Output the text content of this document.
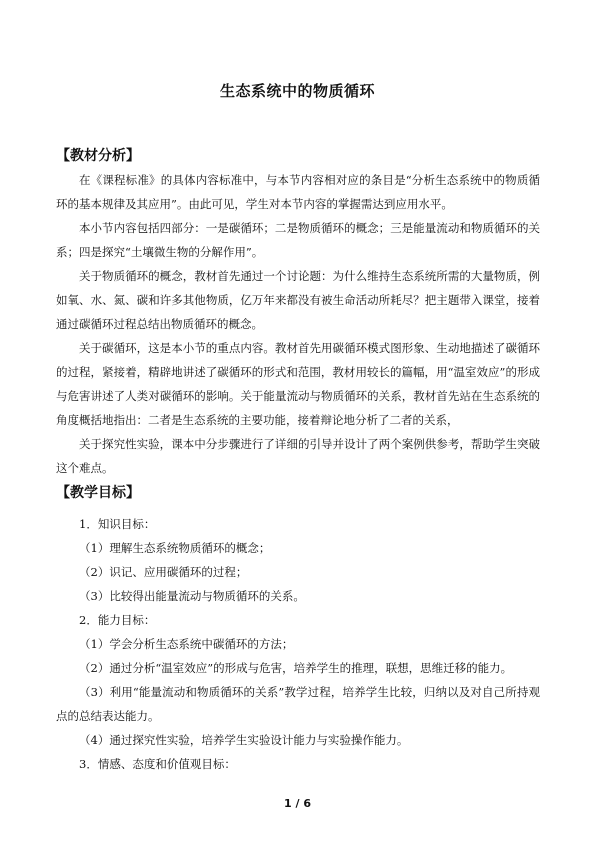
生态系统中的物质循环
【教材分析】

在《课程标准》的具体内容标准中，与本节内容相对应的条目是“分析生态系统中的物质循环的基本规律及其应用”。由此可见，学生对本节内容的掌握需达到应用水平。

本小节内容包括四部分：一是碳循环；二是物质循环的概念；三是能量流动和物质循环的关系；四是探究“土壤微生物的分解作用”。

关于物质循环的概念，教材首先通过一个讨论题：为什么维持生态系统所需的大量物质，例如氧、水、氮、碳和许多其他物质，亿万年来都没有被生命活动所耗尽？把主题带入课堂，接着通过碳循环过程总结出物质循环的概念。

关于碳循环，这是本小节的重点内容。教材首先用碳循环模式图形象、生动地描述了碳循环的过程，紧接着，精辟地讲述了碳循环的形式和范围，教材用较长的篇幅，用“温室效应”的形成与危害讲述了人类对碳循环的影响。关于能量流动与物质循环的关系，教材首先站在生态系统的角度概括地指出：二者是生态系统的主要功能，接着辩论地分析了二者的关系，

关于探究性实验，课本中分步骤进行了详细的引导并设计了两个案例供参考，帮助学生突破这个难点。

【教学目标】

1．知识目标：

（1）理解生态系统物质循环的概念；

（2）识记、应用碳循环的过程；

（3）比较得出能量流动与物质循环的关系。

2．能力目标：

（1）学会分析生态系统中碳循环的方法；

（2）通过分析“温室效应”的形成与危害，培养学生的推理，联想，思维迁移的能力。

（3）利用“能量流动和物质循环的关系”教学过程，培养学生比较，归纳以及对自己所持观点的总结表达能力。

（4）通过探究性实验，培养学生实验设计能力与实验操作能力。

3．情感、态度和价值观目标：

1 / 6
